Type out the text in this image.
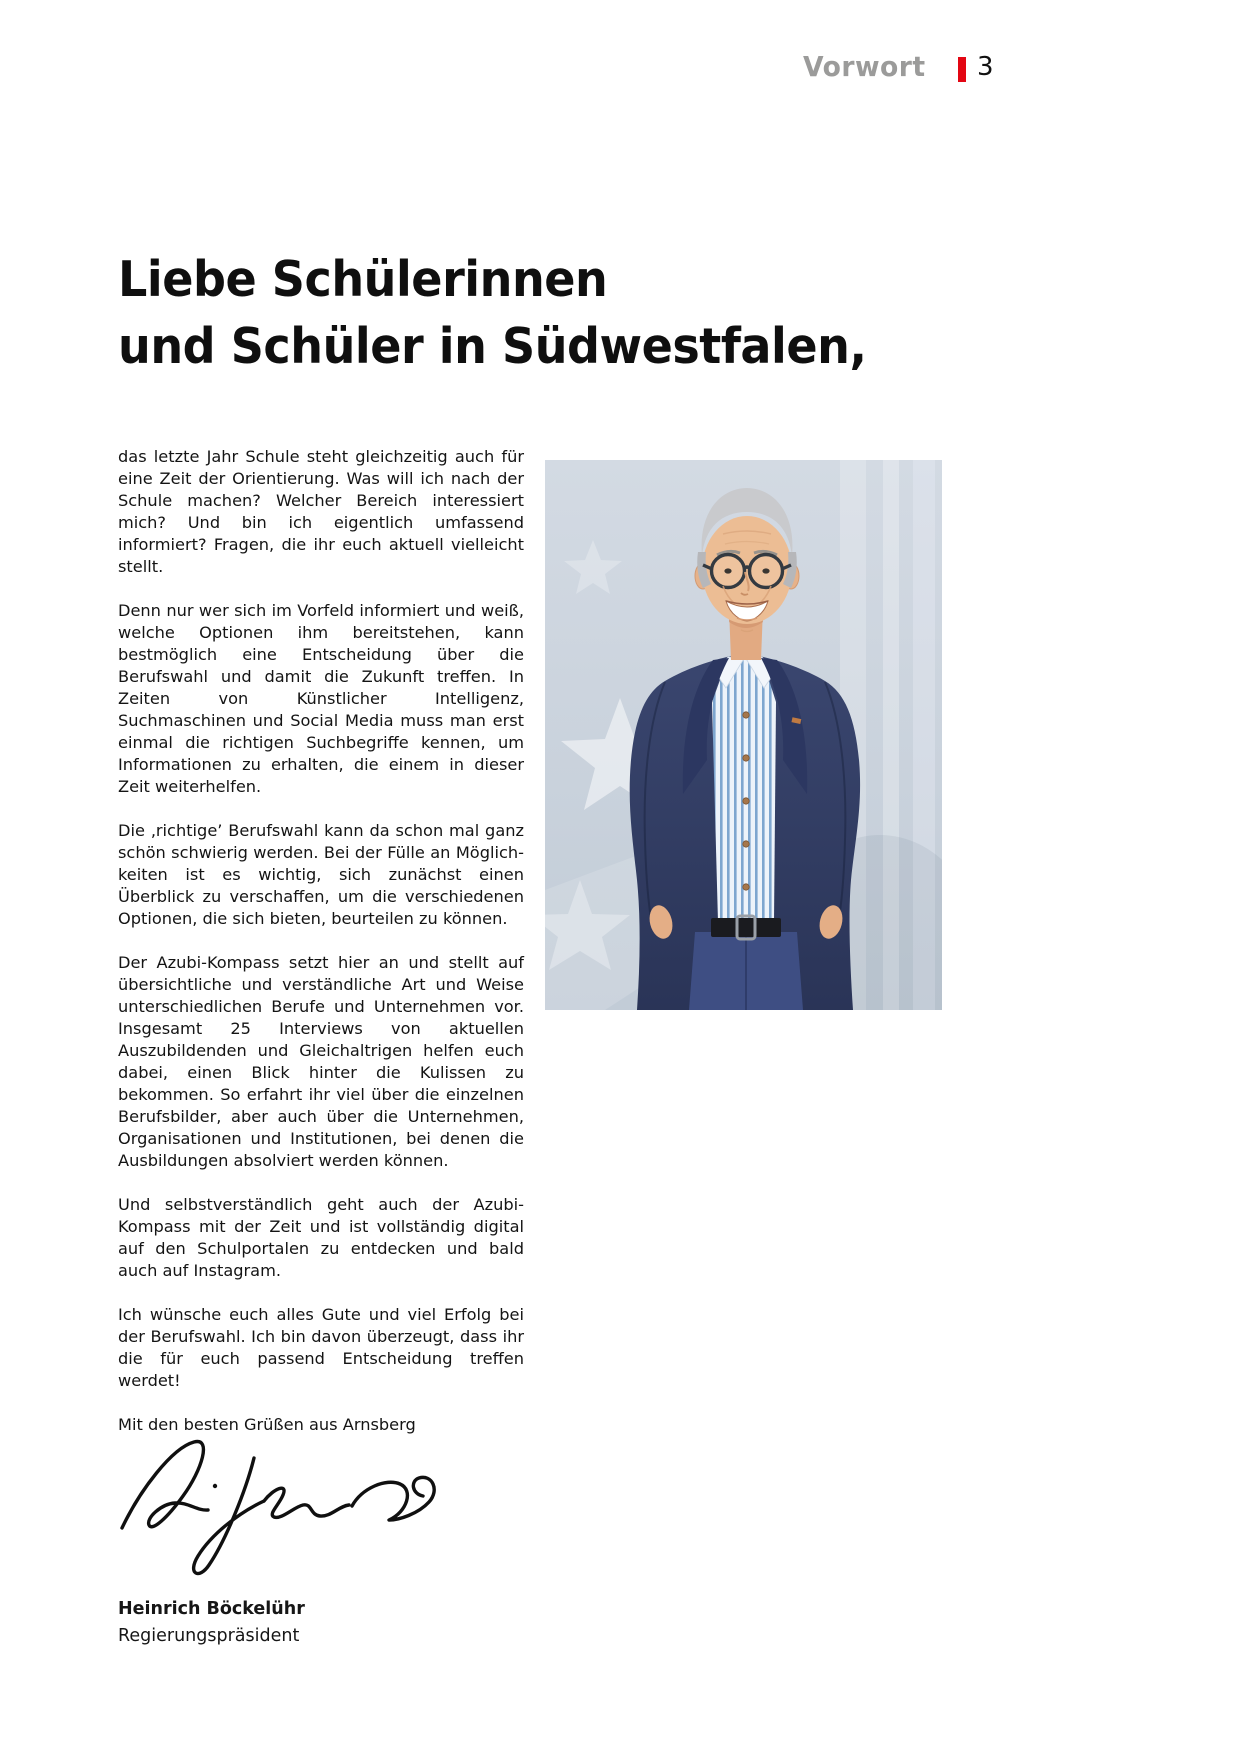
Vorwort 3
Liebe Schülerinnen
und Schüler in Südwestfalen,

das letzte Jahr Schule steht gleichzeitig auch für eine Zeit der Orientierung. Was will ich nach der Schule machen? Welcher Bereich interessiert mich? Und bin ich eigentlich umfassend informiert? Fragen, die ihr euch aktuell vielleicht stellt.

Denn nur wer sich im Vorfeld informiert und weiß, welche Optionen ihm bereitstehen, kann bestmöglich eine Entscheidung über die Berufswahl und damit die Zukunft treffen. In Zeiten von Künstlicher Intelligenz, Suchmaschinen und Social Media muss man erst einmal die richtigen Suchbegriffe kennen, um Informationen zu erhalten, die einem in dieser Zeit weiterhelfen.

Die ‚richtige’ Berufswahl kann da schon mal ganz schön schwierig werden. Bei der Fülle an Möglichkeiten ist es wichtig, sich zunächst einen Überblick zu verschaffen, um die verschiedenen Optionen, die sich bieten, beurteilen zu können.

Der Azubi-Kompass setzt hier an und stellt auf übersichtliche und verständliche Art und Weise unterschiedlichen Berufe und Unternehmen vor. Insgesamt 25 Interviews von aktuellen Auszubildenden und Gleichaltrigen helfen euch dabei, einen Blick hinter die Kulissen zu bekommen. So erfahrt ihr viel über die einzelnen Berufsbilder, aber auch über die Unternehmen, Organisationen und Institutionen, bei denen die Ausbildungen absolviert werden können.

Und selbstverständlich geht auch der Azubi-Kompass mit der Zeit und ist vollständig digital auf den Schulportalen zu entdecken und bald auch auf Instagram.

Ich wünsche euch alles Gute und viel Erfolg bei der Berufswahl. Ich bin davon überzeugt, dass ihr die für euch passend Entscheidung treffen werdet!

Mit den besten Grüßen aus Arnsberg

Heinrich Böckelühr
Regierungspräsident
